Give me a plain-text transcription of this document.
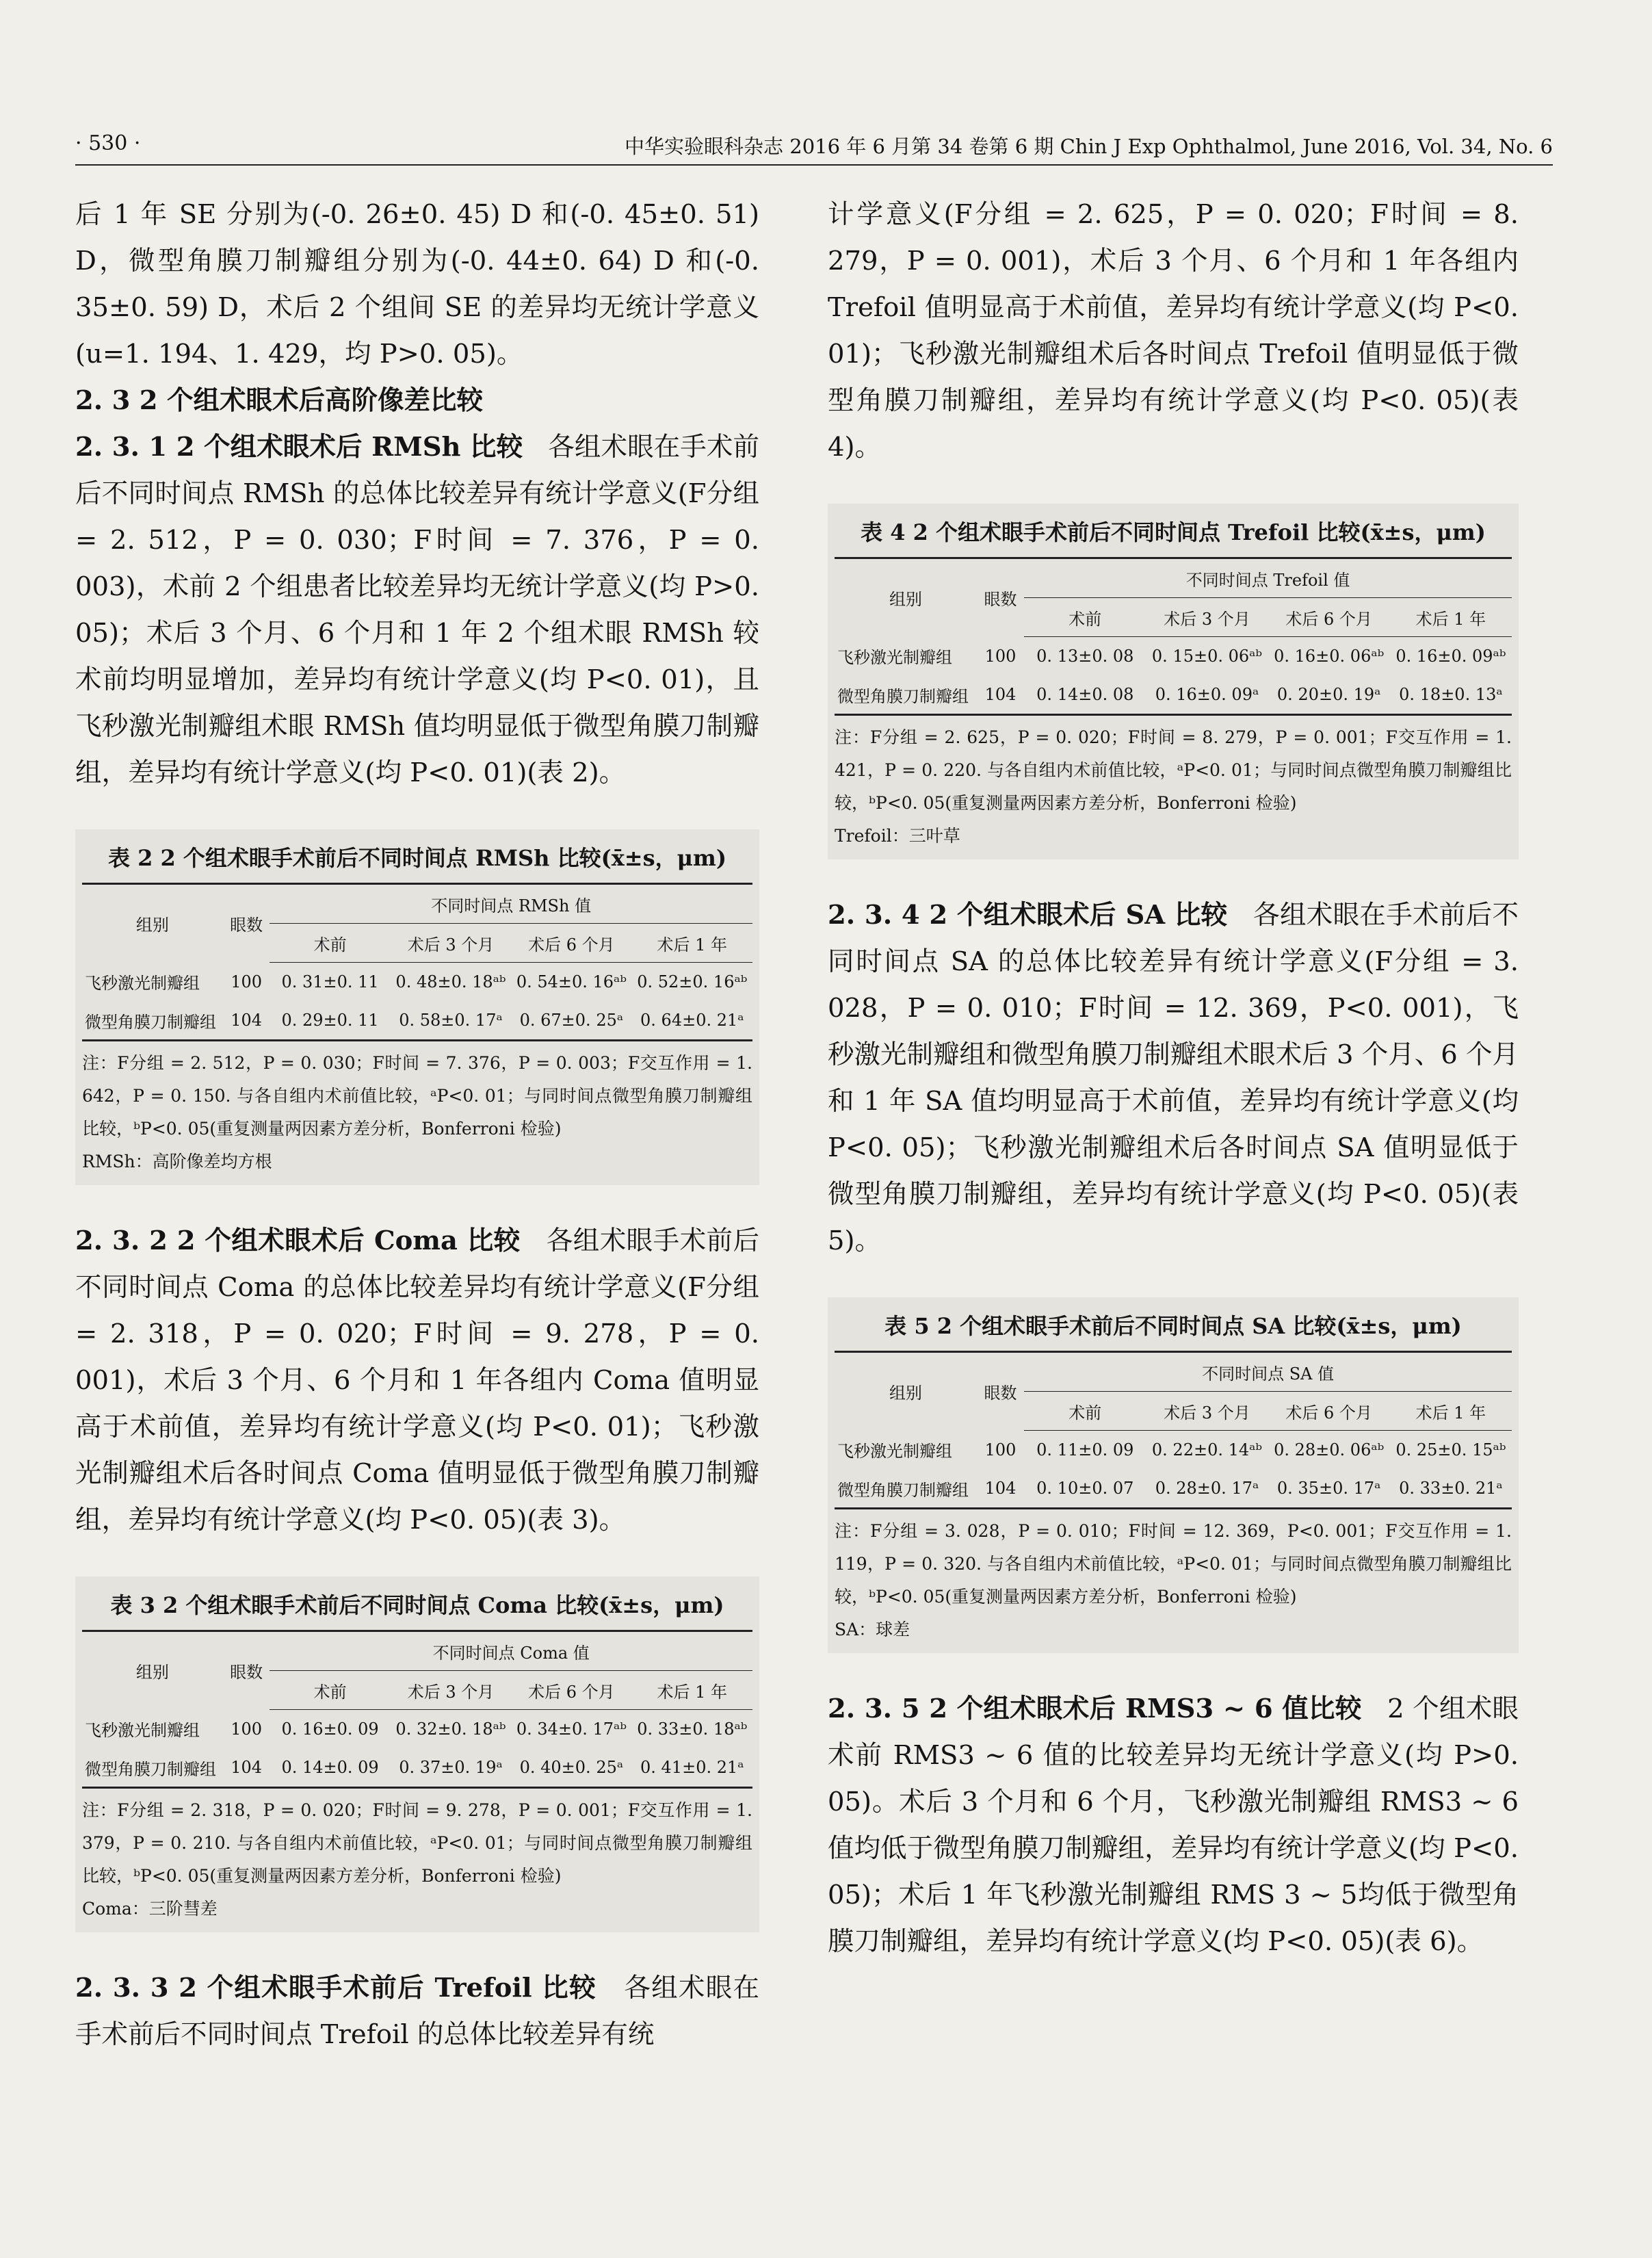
· 530 ·	中华实验眼科杂志 2016 年 6 月第 34 卷第 6 期 Chin J Exp Ophthalmol, June 2016, Vol. 34, No. 6

后 1 年 SE 分别为(-0. 26±0. 45) D 和(-0. 45±0. 51) D，微型角膜刀制瓣组分别为(-0. 44±0. 64) D 和(-0. 35±0. 59) D，术后 2 个组间 SE 的差异均无统计学意义(u=1. 194、1. 429，均 P>0. 05)。

2. 3 2 个组术眼术后高阶像差比较

2. 3. 1 2 个组术眼术后 RMSh 比较 各组术眼在手术前后不同时间点 RMSh 的总体比较差异有统计学意义(F分组 = 2. 512，P = 0. 030；F时间 = 7. 376，P = 0. 003)，术前 2 个组患者比较差异均无统计学意义(均 P>0. 05)；术后 3 个月、6 个月和 1 年 2 个组术眼 RMSh 较术前均明显增加，差异均有统计学意义(均 P<0. 01)，且飞秒激光制瓣组术眼 RMSh 值均明显低于微型角膜刀制瓣组，差异均有统计学意义(均 P<0. 01)(表 2)。

表 2 2 个组术眼手术前后不同时间点 RMSh 比较(x̄±s，μm)

组别	眼数	不同时间点 RMSh 值			
		术前	术后 3 个月	术后 6 个月	术后 1 年
飞秒激光制瓣组	100	0. 31±0. 11	0. 48±0. 18ᵃᵇ	0. 54±0. 16ᵃᵇ	0. 52±0. 16ᵃᵇ
微型角膜刀制瓣组	104	0. 29±0. 11	0. 58±0. 17ᵃ	0. 67±0. 25ᵃ	0. 64±0. 21ᵃ

注：F分组 = 2. 512，P = 0. 030；F时间 = 7. 376，P = 0. 003；F交互作用 = 1. 642，P = 0. 150. 与各自组内术前值比较，ᵃP<0. 01；与同时间点微型角膜刀制瓣组比较，ᵇP<0. 05(重复测量两因素方差分析，Bonferroni 检验)
RMSh：高阶像差均方根

2. 3. 2 2 个组术眼术后 Coma 比较 各组术眼手术前后不同时间点 Coma 的总体比较差异均有统计学意义(F分组 = 2. 318，P = 0. 020；F时间 = 9. 278，P = 0. 001)，术后 3 个月、6 个月和 1 年各组内 Coma 值明显高于术前值，差异均有统计学意义(均 P<0. 01)；飞秒激光制瓣组术后各时间点 Coma 值明显低于微型角膜刀制瓣组，差异均有统计学意义(均 P<0. 05)(表 3)。

表 3 2 个组术眼手术前后不同时间点 Coma 比较(x̄±s，μm)

组别	眼数	不同时间点 Coma 值			
		术前	术后 3 个月	术后 6 个月	术后 1 年
飞秒激光制瓣组	100	0. 16±0. 09	0. 32±0. 18ᵃᵇ	0. 34±0. 17ᵃᵇ	0. 33±0. 18ᵃᵇ
微型角膜刀制瓣组	104	0. 14±0. 09	0. 37±0. 19ᵃ	0. 40±0. 25ᵃ	0. 41±0. 21ᵃ

注：F分组 = 2. 318，P = 0. 020；F时间 = 9. 278，P = 0. 001；F交互作用 = 1. 379，P = 0. 210. 与各自组内术前值比较，ᵃP<0. 01；与同时间点微型角膜刀制瓣组比较，ᵇP<0. 05(重复测量两因素方差分析，Bonferroni 检验)
Coma：三阶彗差

2. 3. 3 2 个组术眼手术前后 Trefoil 比较 各组术眼在手术前后不同时间点 Trefoil 的总体比较差异有统

计学意义(F分组 = 2. 625，P = 0. 020；F时间 = 8. 279，P = 0. 001)，术后 3 个月、6 个月和 1 年各组内 Trefoil 值明显高于术前值，差异均有统计学意义(均 P<0. 01)；飞秒激光制瓣组术后各时间点 Trefoil 值明显低于微型角膜刀制瓣组，差异均有统计学意义(均 P<0. 05)(表 4)。

表 4 2 个组术眼手术前后不同时间点 Trefoil 比较(x̄±s，μm)

组别	眼数	不同时间点 Trefoil 值			
		术前	术后 3 个月	术后 6 个月	术后 1 年
飞秒激光制瓣组	100	0. 13±0. 08	0. 15±0. 06ᵃᵇ	0. 16±0. 06ᵃᵇ	0. 16±0. 09ᵃᵇ
微型角膜刀制瓣组	104	0. 14±0. 08	0. 16±0. 09ᵃ	0. 20±0. 19ᵃ	0. 18±0. 13ᵃ

注：F分组 = 2. 625，P = 0. 020；F时间 = 8. 279，P = 0. 001；F交互作用 = 1. 421，P = 0. 220. 与各自组内术前值比较，ᵃP<0. 01；与同时间点微型角膜刀制瓣组比较，ᵇP<0. 05(重复测量两因素方差分析，Bonferroni 检验)
Trefoil：三叶草

2. 3. 4 2 个组术眼术后 SA 比较 各组术眼在手术前后不同时间点 SA 的总体比较差异有统计学意义(F分组 = 3. 028，P = 0. 010；F时间 = 12. 369，P<0. 001)，飞秒激光制瓣组和微型角膜刀制瓣组术眼术后 3 个月、6 个月和 1 年 SA 值均明显高于术前值，差异均有统计学意义(均 P<0. 05)；飞秒激光制瓣组术后各时间点 SA 值明显低于微型角膜刀制瓣组，差异均有统计学意义(均 P<0. 05)(表 5)。

表 5 2 个组术眼手术前后不同时间点 SA 比较(x̄±s，μm)

组别	眼数	不同时间点 SA 值			
		术前	术后 3 个月	术后 6 个月	术后 1 年
飞秒激光制瓣组	100	0. 11±0. 09	0. 22±0. 14ᵃᵇ	0. 28±0. 06ᵃᵇ	0. 25±0. 15ᵃᵇ
微型角膜刀制瓣组	104	0. 10±0. 07	0. 28±0. 17ᵃ	0. 35±0. 17ᵃ	0. 33±0. 21ᵃ

注：F分组 = 3. 028，P = 0. 010；F时间 = 12. 369，P<0. 001；F交互作用 = 1. 119，P = 0. 320. 与各自组内术前值比较，ᵃP<0. 01；与同时间点微型角膜刀制瓣组比较，ᵇP<0. 05(重复测量两因素方差分析，Bonferroni 检验)
SA：球差

2. 3. 5 2 个组术眼术后 RMS3 ~ 6 值比较 2 个组术眼术前 RMS3 ~ 6 值的比较差异均无统计学意义(均 P>0. 05)。术后 3 个月和 6 个月，飞秒激光制瓣组 RMS3 ~ 6 值均低于微型角膜刀制瓣组，差异均有统计学意义(均 P<0. 05)；术后 1 年飞秒激光制瓣组 RMS 3 ~ 5均低于微型角膜刀制瓣组，差异均有统计学意义(均 P<0. 05)(表 6)。
